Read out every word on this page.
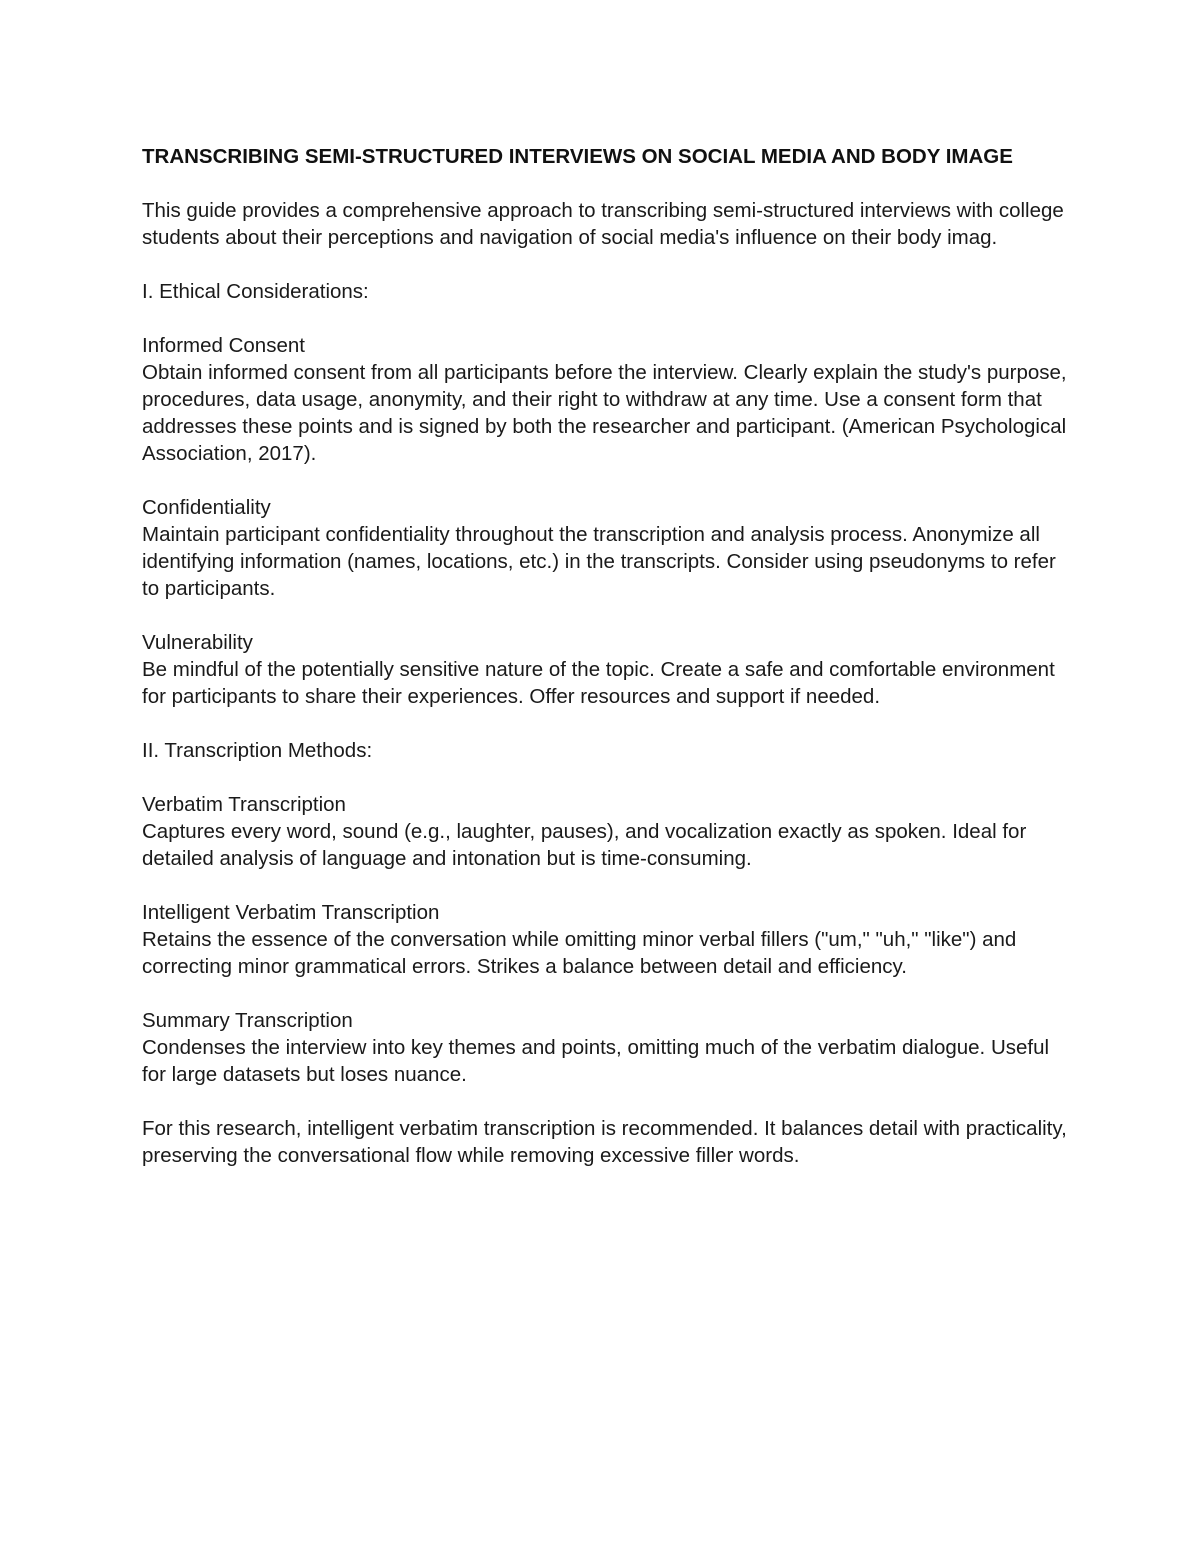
TRANSCRIBING SEMI-STRUCTURED INTERVIEWS ON SOCIAL MEDIA AND BODY IMAGE
This guide provides a comprehensive approach to transcribing semi-structured interviews with college students about their perceptions and navigation of social media's influence on their body imag.
I. Ethical Considerations:
Informed Consent
Obtain informed consent from all participants before the interview. Clearly explain the study's purpose, procedures, data usage, anonymity, and their right to withdraw at any time. Use a consent form that addresses these points and is signed by both the researcher and participant. (American Psychological Association, 2017).
Confidentiality
Maintain participant confidentiality throughout the transcription and analysis process. Anonymize all identifying information (names, locations, etc.) in the transcripts. Consider using pseudonyms to refer to participants.
Vulnerability
Be mindful of the potentially sensitive nature of the topic. Create a safe and comfortable environment for participants to share their experiences. Offer resources and support if needed.
II. Transcription Methods:
Verbatim Transcription
Captures every word, sound (e.g., laughter, pauses), and vocalization exactly as spoken. Ideal for detailed analysis of language and intonation but is time-consuming.
Intelligent Verbatim Transcription
Retains the essence of the conversation while omitting minor verbal fillers ("um," "uh," "like") and correcting minor grammatical errors. Strikes a balance between detail and efficiency.
Summary Transcription
Condenses the interview into key themes and points, omitting much of the verbatim dialogue. Useful for large datasets but loses nuance.
For this research, intelligent verbatim transcription is recommended. It balances detail with practicality, preserving the conversational flow while removing excessive filler words.
